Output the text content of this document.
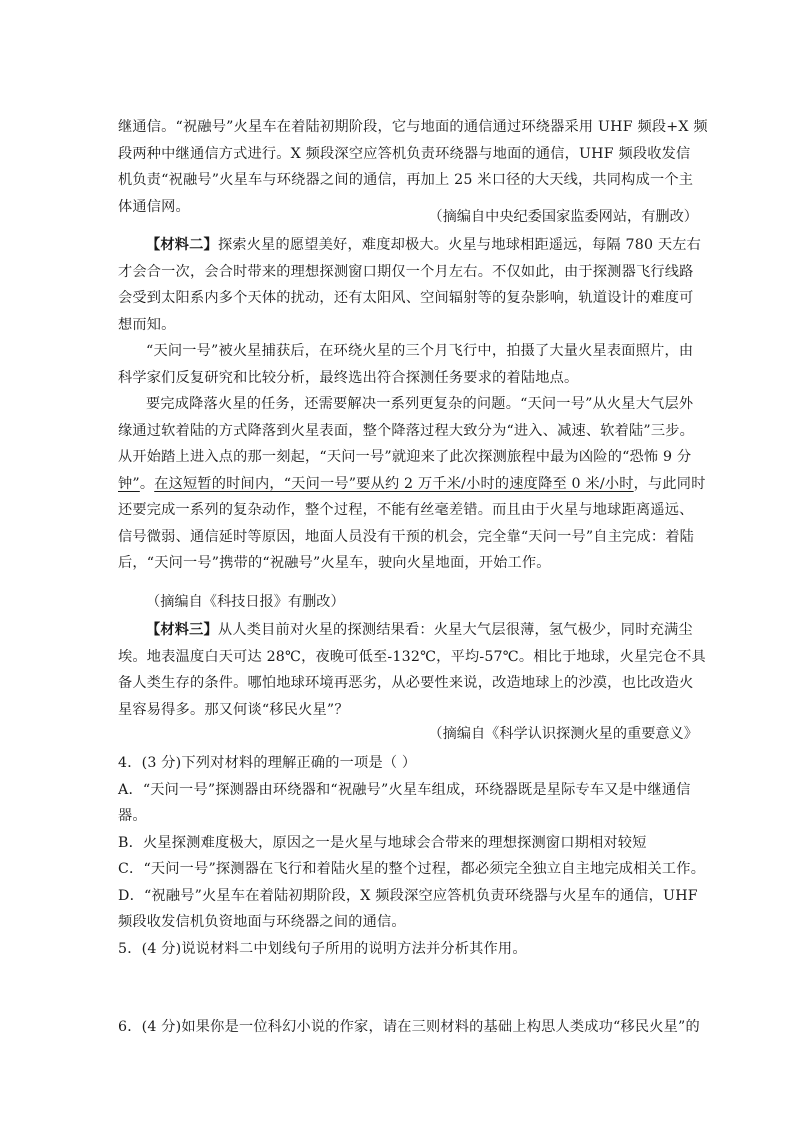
继通信。“祝融号”火星车在着陆初期阶段，它与地面的通信通过环绕器采用 UHF 频段+X 频
段两种中继通信方式进行。X 频段深空应答机负责环绕器与地面的通信，UHF 频段收发信
机负责“祝融号”火星车与环绕器之间的通信，再加上 25 米口径的大天线，共同构成一个主
体通信网。
（摘编自中央纪委国家监委网站，有删改）
【材料二】探索火星的愿望美好，难度却极大。火星与地球相距遥远，每隔 780 天左右
才会合一次，会合时带来的理想探测窗口期仅一个月左右。不仅如此，由于探测器飞行线路
会受到太阳系内多个天体的扰动，还有太阳风、空间辐射等的复杂影响，轨道设计的难度可
想而知。
“天问一号”被火星捕获后，在环绕火星的三个月飞行中，拍摄了大量火星表面照片，由
科学家们反复研究和比较分析，最终选出符合探测任务要求的着陆地点。
要完成降落火星的任务，还需要解决一系列更复杂的问题。“天问一号”从火星大气层外
缘通过软着陆的方式降落到火星表面，整个降落过程大致分为“进入、减速、软着陆”三步。
从开始踏上进入点的那一刻起，“天问一号”就迎来了此次探测旅程中最为凶险的“恐怖 9 分
钟”。在这短暂的时间内，“天问一号”要从约 2 万千米/小时的速度降至 0 米/小时，与此同时
还要完成一系列的复杂动作，整个过程，不能有丝毫差错。而且由于火星与地球距离遥远、
信号微弱、通信延时等原因，地面人员没有干预的机会，完全靠“天问一号”自主完成：着陆
后，“天问一号”携带的“祝融号”火星车，驶向火星地面，开始工作。
（摘编自《科技日报》有删改）
【材料三】从人类目前对火星的探测结果看：火星大气层很薄，氢气极少，同时充满尘
埃。地表温度白天可达 28℃，夜晚可低至-132℃，平均-57℃。相比于地球，火星完仓不具
备人类生存的条件。哪怕地球环境再恶劣，从必要性来说，改造地球上的沙漠，也比改造火
星容易得多。那又何谈“移民火星”？
（摘编自《科学认识探测火星的重要意义》
4．(3 分)下列对材料的理解正确的一项是（ ）
A．“天问一号”探测器由环绕器和“祝融号”火星车组成，环绕器既是星际专车又是中继通信
器。
B．火星探测难度极大，原因之一是火星与地球会合带来的理想探测窗口期相对较短
C．“天问一号”探测器在飞行和着陆火星的整个过程，都必须完全独立自主地完成相关工作。
D．“祝融号”火星车在着陆初期阶段，X 频段深空应答机负责环绕器与火星车的通信，UHF
频段收发信机负资地面与环绕器之间的通信。
5．(4 分)说说材料二中划线句子所用的说明方法并分析其作用。
6．(4 分)如果你是一位科幻小说的作家，请在三则材料的基础上构思人类成功“移民火星”的
